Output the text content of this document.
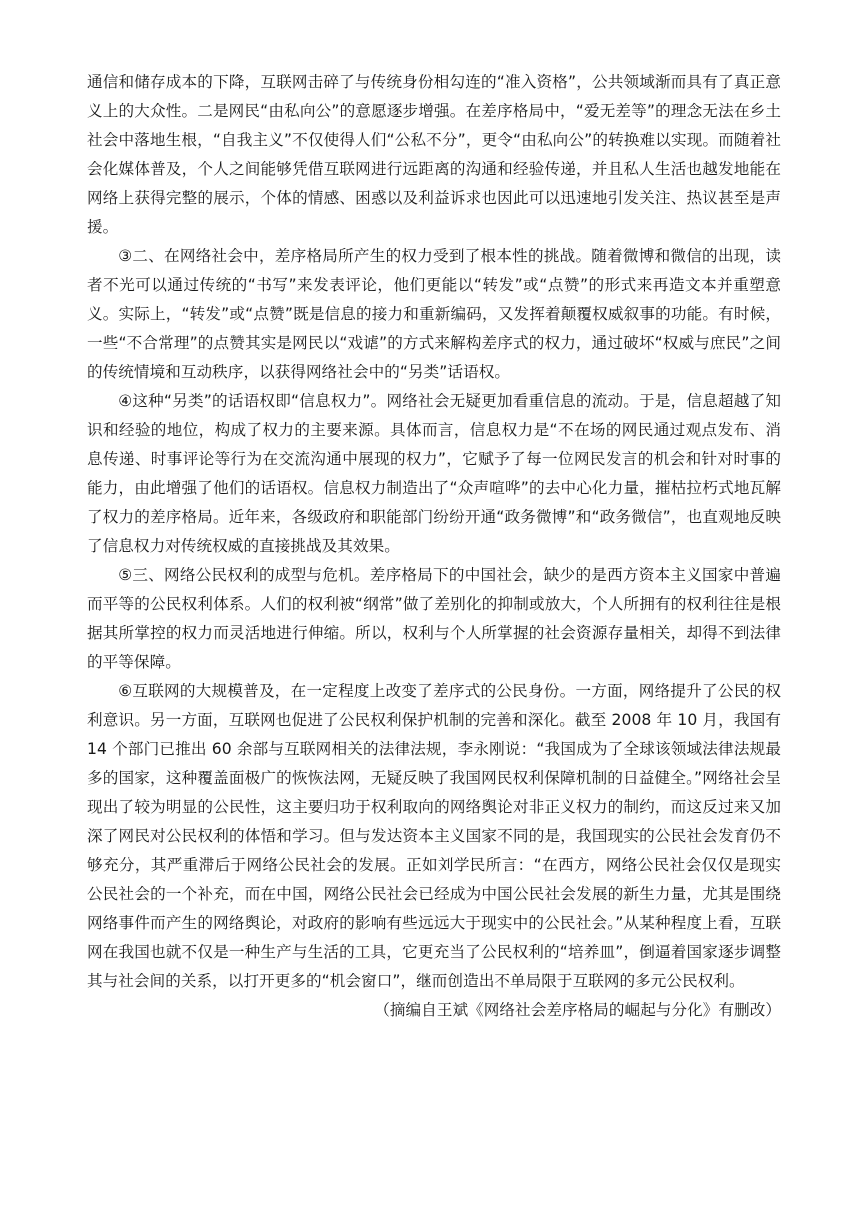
通信和储存成本的下降，互联网击碎了与传统身份相勾连的“准入资格”，公共领域渐而具有了真正意义上的大众性。二是网民“由私向公”的意愿逐步增强。在差序格局中，“爱无差等”的理念无法在乡土社会中落地生根，“自我主义”不仅使得人们“公私不分”，更令“由私向公”的转换难以实现。而随着社会化媒体普及，个人之间能够凭借互联网进行远距离的沟通和经验传递，并且私人生活也越发地能在网络上获得完整的展示，个体的情感、困惑以及利益诉求也因此可以迅速地引发关注、热议甚至是声援。

③二、在网络社会中，差序格局所产生的权力受到了根本性的挑战。随着微博和微信的出现，读者不光可以通过传统的“书写”来发表评论，他们更能以“转发”或“点赞”的形式来再造文本并重塑意义。实际上，“转发”或“点赞”既是信息的接力和重新编码，又发挥着颠覆权威叙事的功能。有时候，一些“不合常理”的点赞其实是网民以“戏谑”的方式来解构差序式的权力，通过破坏“权威与庶民”之间的传统情境和互动秩序，以获得网络社会中的“另类”话语权。

④这种“另类”的话语权即“信息权力”。网络社会无疑更加看重信息的流动。于是，信息超越了知识和经验的地位，构成了权力的主要来源。具体而言，信息权力是“不在场的网民通过观点发布、消息传递、时事评论等行为在交流沟通中展现的权力”，它赋予了每一位网民发言的机会和针对时事的能力，由此增强了他们的话语权。信息权力制造出了“众声喧哗”的去中心化力量，摧枯拉朽式地瓦解了权力的差序格局。近年来，各级政府和职能部门纷纷开通“政务微博”和“政务微信”，也直观地反映了信息权力对传统权威的直接挑战及其效果。

⑤三、网络公民权利的成型与危机。差序格局下的中国社会，缺少的是西方资本主义国家中普遍而平等的公民权利体系。人们的权利被“纲常”做了差别化的抑制或放大，个人所拥有的权利往往是根据其所掌控的权力而灵活地进行伸缩。所以，权利与个人所掌握的社会资源存量相关，却得不到法律的平等保障。

⑥互联网的大规模普及，在一定程度上改变了差序式的公民身份。一方面，网络提升了公民的权利意识。另一方面，互联网也促进了公民权利保护机制的完善和深化。截至 2008 年 10 月，我国有 14 个部门已推出 60 余部与互联网相关的法律法规，李永刚说：“我国成为了全球该领域法律法规最多的国家，这种覆盖面极广的恢恢法网，无疑反映了我国网民权利保障机制的日益健全。”网络社会呈现出了较为明显的公民性，这主要归功于权利取向的网络舆论对非正义权力的制约，而这反过来又加深了网民对公民权利的体悟和学习。但与发达资本主义国家不同的是，我国现实的公民社会发育仍不够充分，其严重滞后于网络公民社会的发展。正如刘学民所言：“在西方，网络公民社会仅仅是现实公民社会的一个补充，而在中国，网络公民社会已经成为中国公民社会发展的新生力量，尤其是围绕网络事件而产生的网络舆论，对政府的影响有些远远大于现实中的公民社会。”从某种程度上看，互联网在我国也就不仅是一种生产与生活的工具，它更充当了公民权利的“培养皿”，倒逼着国家逐步调整其与社会间的关系，以打开更多的“机会窗口”，继而创造出不单局限于互联网的多元公民权利。

（摘编自王斌《网络社会差序格局的崛起与分化》有删改）
